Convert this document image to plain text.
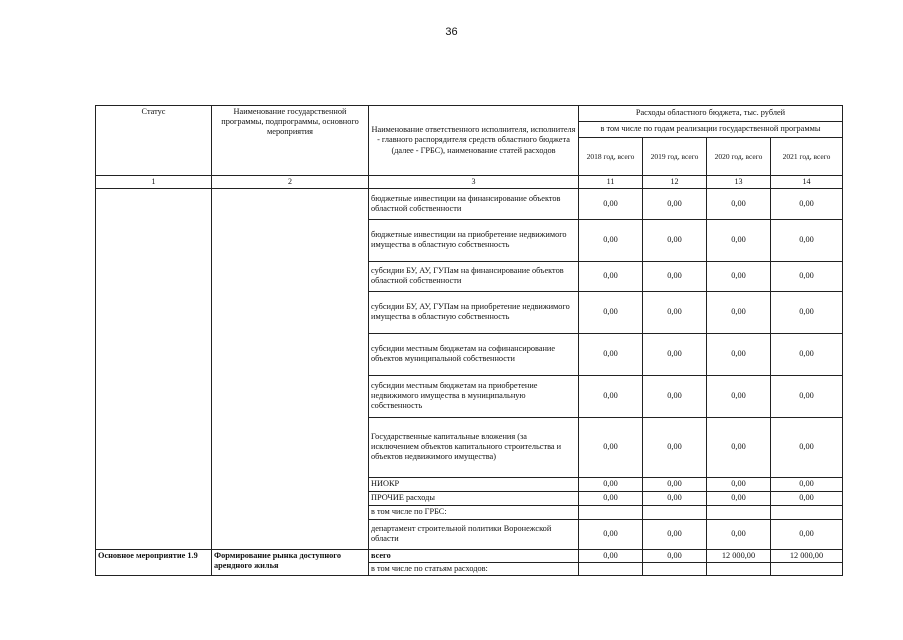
36
Статус	Наименование государственной программы, подпрограммы, основного мероприятия	Наименование ответственного исполнителя, исполнителя - главного распорядителя средств областного бюджета (далее - ГРБС), наименование статей расходов	Расходы областного бюджета, тыс. рублей			
			в том числе по годам реализации государственной программы			
			2018 год, всего	2019 год, всего	2020 год, всего	2021 год, всего
1	2	3	11	12	13	14
		бюджетные инвестиции на финансирование объектов областной собственности	0,00	0,00	0,00	0,00
		бюджетные инвестиции на приобретение недвижимого имущества в областную собственность	0,00	0,00	0,00	0,00
		субсидии БУ, АУ, ГУПам на финансирование объектов областной собственности	0,00	0,00	0,00	0,00
		субсидии БУ, АУ, ГУПам на приобретение недвижимого имущества в областную собственность	0,00	0,00	0,00	0,00
		субсидии местным бюджетам на софинансирование объектов муниципальной собственности	0,00	0,00	0,00	0,00
		субсидии местным бюджетам на приобретение недвижимого имущества в муниципальную собственность	0,00	0,00	0,00	0,00
		Государственные капитальные вложения (за исключением объектов капитального строительства и объектов недвижимого имущества)	0,00	0,00	0,00	0,00
		НИОКР	0,00	0,00	0,00	0,00
		ПРОЧИЕ расходы	0,00	0,00	0,00	0,00
		в том числе по ГРБС:				
		департамент строительной политики Воронежской области	0,00	0,00	0,00	0,00
Основное мероприятие 1.9	Формирование рынка доступного арендного жилья	всего	0,00	0,00	12 000,00	12 000,00
		в том числе по статьям расходов:				
